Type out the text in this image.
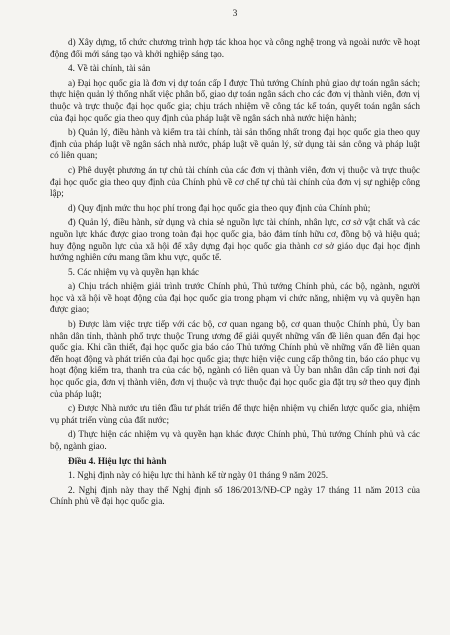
3

d) Xây dựng, tổ chức chương trình hợp tác khoa học và công nghệ trong và ngoài nước về hoạt động đổi mới sáng tạo và khởi nghiệp sáng tạo.

4. Về tài chính, tài sản

a) Đại học quốc gia là đơn vị dự toán cấp I được Thủ tướng Chính phủ giao dự toán ngân sách; thực hiện quản lý thống nhất việc phân bổ, giao dự toán ngân sách cho các đơn vị thành viên, đơn vị thuộc và trực thuộc đại học quốc gia; chịu trách nhiệm về công tác kế toán, quyết toán ngân sách của đại học quốc gia theo quy định của pháp luật về ngân sách nhà nước hiện hành;

b) Quản lý, điều hành và kiểm tra tài chính, tài sản thống nhất trong đại học quốc gia theo quy định của pháp luật về ngân sách nhà nước, pháp luật về quản lý, sử dụng tài sản công và pháp luật có liên quan;

c) Phê duyệt phương án tự chủ tài chính của các đơn vị thành viên, đơn vị thuộc và trực thuộc đại học quốc gia theo quy định của Chính phủ về cơ chế tự chủ tài chính của đơn vị sự nghiệp công lập;

d) Quy định mức thu học phí trong đại học quốc gia theo quy định của Chính phủ;

đ) Quản lý, điều hành, sử dụng và chia sẻ nguồn lực tài chính, nhân lực, cơ sở vật chất và các nguồn lực khác được giao trong toàn đại học quốc gia, bảo đảm tính hữu cơ, đồng bộ và hiệu quả; huy động nguồn lực của xã hội để xây dựng đại học quốc gia thành cơ sở giáo dục đại học định hướng nghiên cứu mang tầm khu vực, quốc tế.

5. Các nhiệm vụ và quyền hạn khác

a) Chịu trách nhiệm giải trình trước Chính phủ, Thủ tướng Chính phủ, các bộ, ngành, người học và xã hội về hoạt động của đại học quốc gia trong phạm vi chức năng, nhiệm vụ và quyền hạn được giao;

b) Được làm việc trực tiếp với các bộ, cơ quan ngang bộ, cơ quan thuộc Chính phủ, Ủy ban nhân dân tỉnh, thành phố trực thuộc Trung ương để giải quyết những vấn đề liên quan đến đại học quốc gia. Khi cần thiết, đại học quốc gia báo cáo Thủ tướng Chính phủ về những vấn đề liên quan đến hoạt động và phát triển của đại học quốc gia; thực hiện việc cung cấp thông tin, báo cáo phục vụ hoạt động kiểm tra, thanh tra của các bộ, ngành có liên quan và Ủy ban nhân dân cấp tỉnh nơi đại học quốc gia, đơn vị thành viên, đơn vị thuộc và trực thuộc đại học quốc gia đặt trụ sở theo quy định của pháp luật;

c) Được Nhà nước ưu tiên đầu tư phát triển để thực hiện nhiệm vụ chiến lược quốc gia, nhiệm vụ phát triển vùng của đất nước;

d) Thực hiện các nhiệm vụ và quyền hạn khác được Chính phủ, Thủ tướng Chính phủ và các bộ, ngành giao.

Điều 4. Hiệu lực thi hành

1. Nghị định này có hiệu lực thi hành kể từ ngày 01 tháng 9 năm 2025.

2. Nghị định này thay thế Nghị định số 186/2013/NĐ-CP ngày 17 tháng 11 năm 2013 của Chính phủ về đại học quốc gia.
